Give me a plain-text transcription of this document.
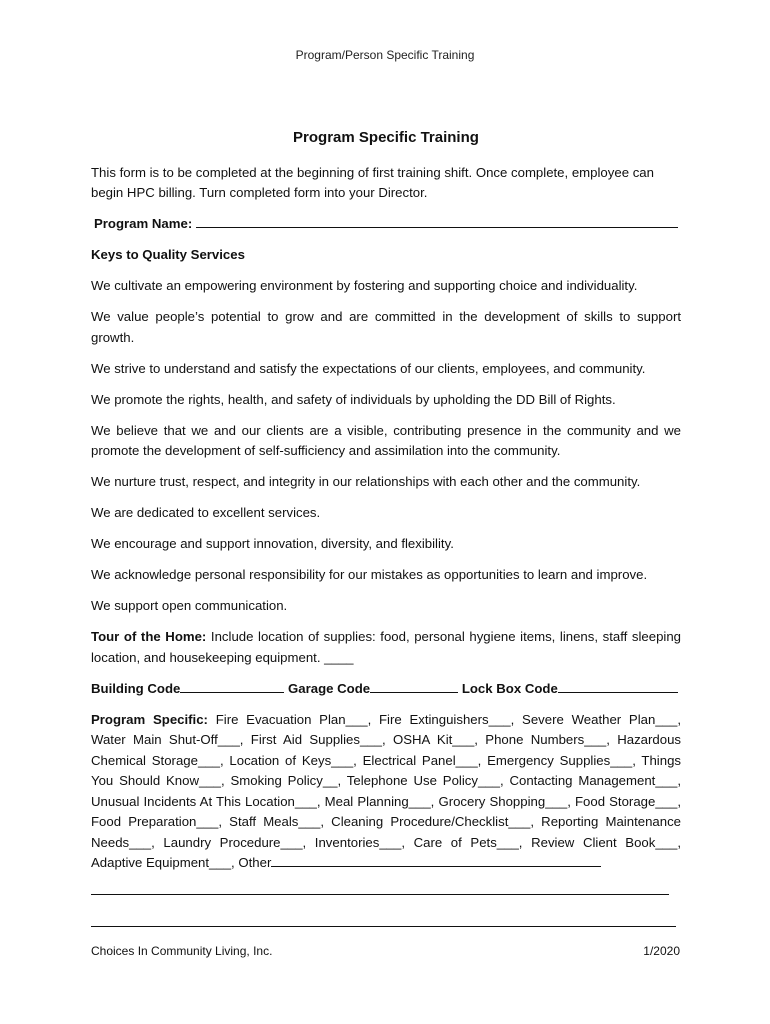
Program/Person Specific Training
Program Specific Training

This form is to be completed at the beginning of first training shift. Once complete, employee can begin HPC billing. Turn completed form into your Director.

Program Name:

Keys to Quality Services

We cultivate an empowering environment by fostering and supporting choice and individuality.

We value people’s potential to grow and are committed in the development of skills to support growth.

We strive to understand and satisfy the expectations of our clients, employees, and community.

We promote the rights, health, and safety of individuals by upholding the DD Bill of Rights.

We believe that we and our clients are a visible, contributing presence in the community and we promote the development of self-sufficiency and assimilation into the community.

We nurture trust, respect, and integrity in our relationships with each other and the community.

We are dedicated to excellent services.

We encourage and support innovation, diversity, and flexibility.

We acknowledge personal responsibility for our mistakes as opportunities to learn and improve.

We support open communication.

Tour of the Home: Include location of supplies: food, personal hygiene items, linens, staff sleeping location, and housekeeping equipment. ____

Building Code	Garage Code	Lock Box Code

Program Specific: Fire Evacuation Plan___, Fire Extinguishers___, Severe Weather Plan___, Water Main Shut-Off___, First Aid Supplies___, OSHA Kit___, Phone Numbers___, Hazardous Chemical Storage___, Location of Keys___, Electrical Panel___, Emergency Supplies___, Things You Should Know___, Smoking Policy__, Telephone Use Policy___, Contacting Management___, Unusual Incidents At This Location___, Meal Planning___, Grocery Shopping___, Food Storage___, Food Preparation___, Staff Meals___, Cleaning Procedure/Checklist___, Reporting Maintenance Needs___, Laundry Procedure___, Inventories___, Care of Pets___, Review Client Book___, Adaptive Equipment___, Other

Choices In Community Living, Inc.	1/2020
